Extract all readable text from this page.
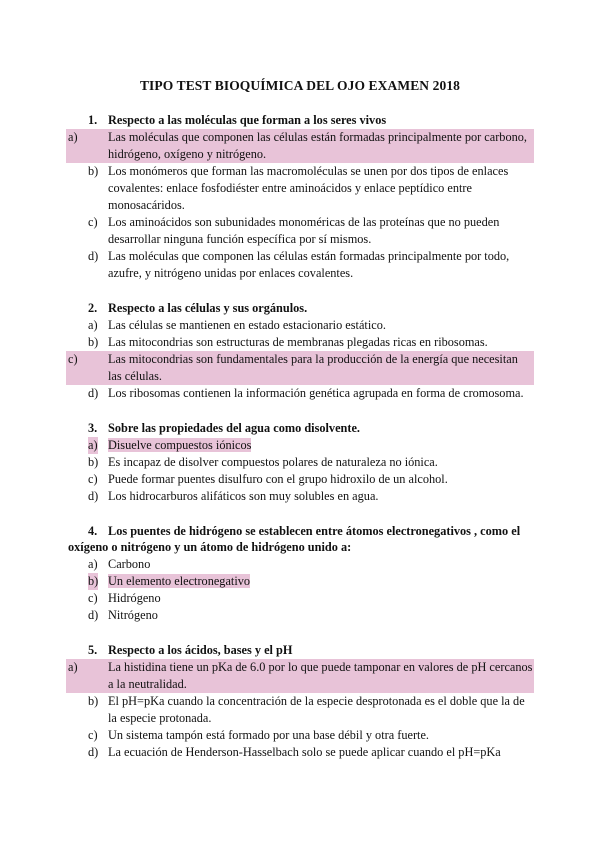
TIPO TEST BIOQUÍMICA DEL OJO EXAMEN 2018
1. Respecto a las moléculas que forman a los seres vivos
a) Las moléculas que componen las células están formadas principalmente por carbono, hidrógeno, oxígeno y nitrógeno.
b) Los monómeros que forman las macromoléculas se unen por dos tipos de enlaces covalentes: enlace fosfodiéster entre aminoácidos y enlace peptídico entre monosacáridos.
c) Los aminoácidos son subunidades monoméricas de las proteínas que no pueden desarrollar ninguna función específica por sí mismos.
d) Las moléculas que componen las células están formadas principalmente por todo, azufre, y nitrógeno unidas por enlaces covalentes.
2. Respecto a las células y sus orgánulos.
a) Las células se mantienen en estado estacionario estático.
b) Las mitocondrias son estructuras de membranas plegadas ricas en ribosomas.
c) Las mitocondrias son fundamentales para la producción de la energía que necesitan las células.
d) Los ribosomas contienen la información genética agrupada en forma de cromosoma.
3. Sobre las propiedades del agua como disolvente.
a) Disuelve compuestos iónicos
b) Es incapaz de disolver compuestos polares de naturaleza no iónica.
c) Puede formar puentes disulfuro con el grupo hidroxilo de un alcohol.
d) Los hidrocarburos alifáticos son muy solubles en agua.
4. Los puentes de hidrógeno se establecen entre átomos electronegativos , como el oxígeno o nitrógeno y un átomo de hidrógeno unido a:
a) Carbono
b) Un elemento electronegativo
c) Hidrógeno
d) Nitrógeno
5. Respecto a los ácidos, bases y el pH
a) La histidina tiene un pKa de 6.0 por lo que puede tamponar en valores de pH cercanos a la neutralidad.
b) El pH=pKa cuando la concentración de la especie desprotonada es el doble que la de la especie protonada.
c) Un sistema tampón está formado por una base débil y otra fuerte.
d) La ecuación de Henderson-Hasselbach solo se puede aplicar cuando el pH=pKa
